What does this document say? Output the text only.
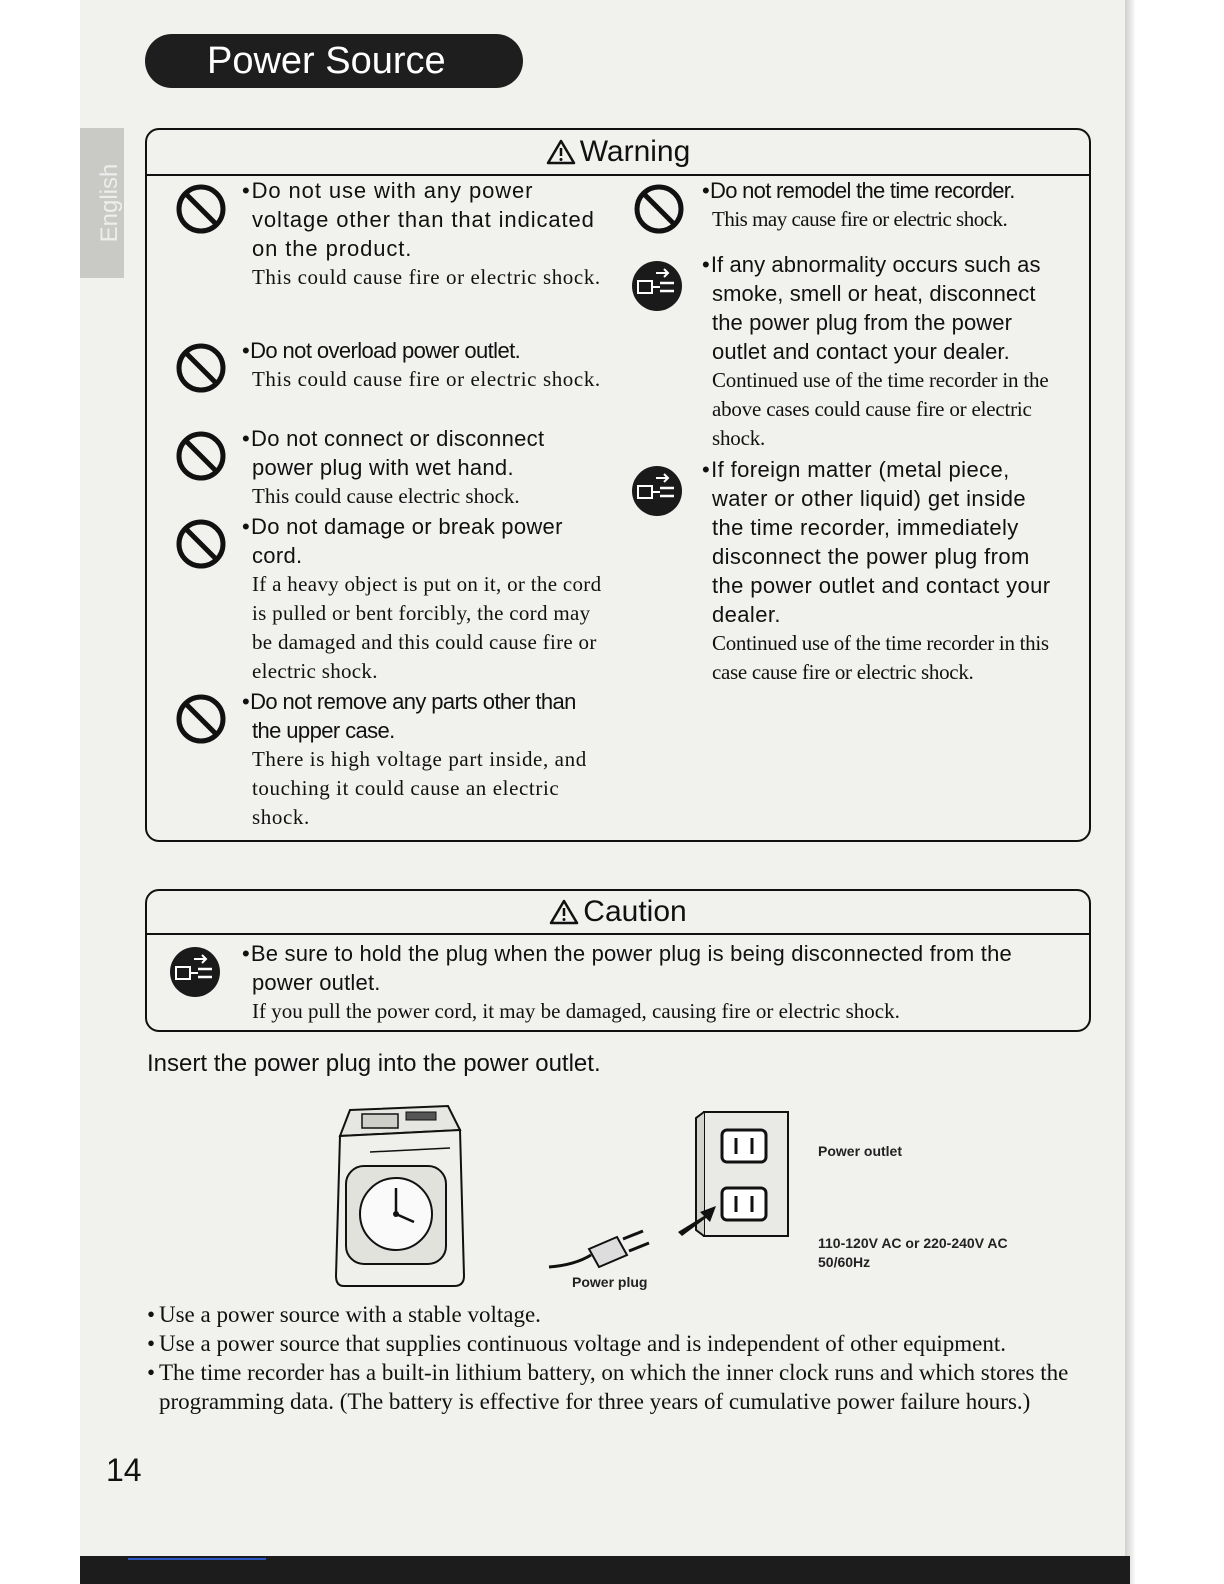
English
Power Source
Warning
• Do not use with any power voltage other than that indicated on the product.
This could cause fire or electric shock.
• Do not overload power outlet.
This could cause fire or electric shock.
• Do not connect or disconnect power plug with wet hand.
This could cause electric shock.
• Do not damage or break power cord.
If a heavy object is put on it, or the cord is pulled or bent forcibly, the cord may be damaged and this could cause fire or electric shock.
• Do not remove any parts other than the upper case.
There is high voltage part inside, and touching it could cause an electric shock.
• Do not remodel the time recorder.
This may cause fire or electric shock.
• If any abnormality occurs such as smoke, smell or heat, disconnect the power plug from the power outlet and contact your dealer.
Continued use of the time recorder in the above cases could cause fire or electric shock.
• If foreign matter (metal piece, water or other liquid) get inside the time recorder, immediately disconnect the power plug from the power outlet and contact your dealer.
Continued use of the time recorder in this case cause fire or electric shock.
Caution
• Be sure to hold the plug when the power plug is being disconnected from the power outlet.
If you pull the power cord, it may be damaged, causing fire or electric shock.
Insert the power plug into the power outlet.
Power outlet
110-120V AC or 220-240V AC
50/60Hz
Power plug
• Use a power source with a stable voltage.
• Use a power source that supplies continuous voltage and is independent of other equipment.
• The time recorder has a built-in lithium battery, on which the inner clock runs and which stores the programming data. (The battery is effective for three years of cumulative power failure hours.)
14
